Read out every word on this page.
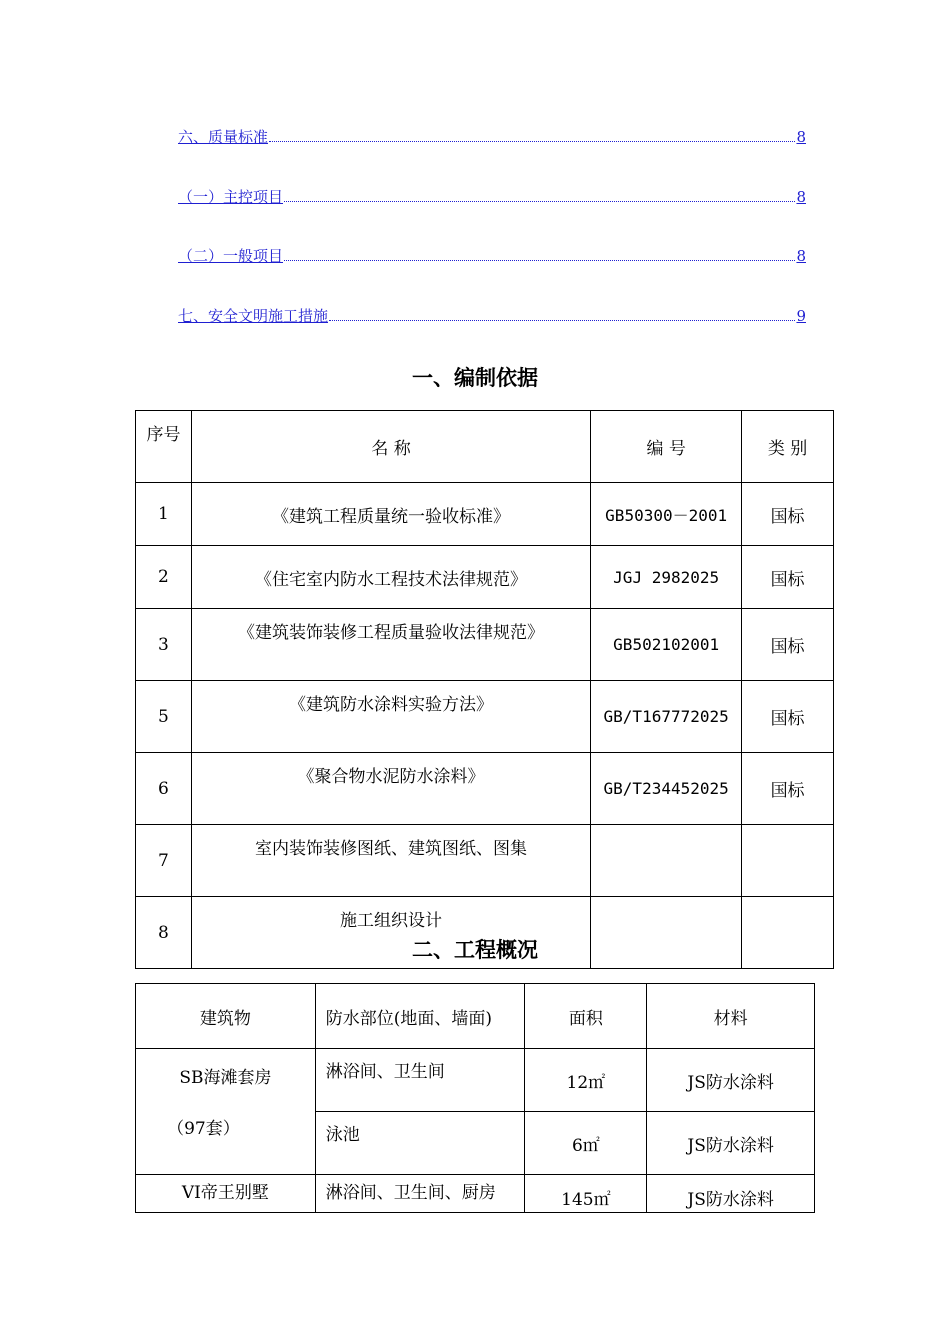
六、质量标准	8
（一）主控项目	8
（二）一般项目	8
七、安全文明施工措施	9
一、编制依据
序号	名 称	编 号	类 别
1	《建筑工程质量统一验收标准》	GB50300－2001	国标
2	《住宅室内防水工程技术法律规范》	JGJ 2982025	国标
3	《建筑装饰装修工程质量验收法律规范》	GB502102001	国标
5	《建筑防水涂料实验方法》	GB/T167772025	国标
6	《聚合物水泥防水涂料》	GB/T234452025	国标
7	室内装饰装修图纸、建筑图纸、图集		
8	施工组织设计		
二、工程概况
建筑物	防水部位(地面、墙面)	面积	材料

SB海滩套房
（97套）	淋浴间、卫生间	12㎡	JS防水涂料
	泳池	6㎡	JS防水涂料
VI帝王别墅	淋浴间、卫生间、厨房	145㎡	JS防水涂料
